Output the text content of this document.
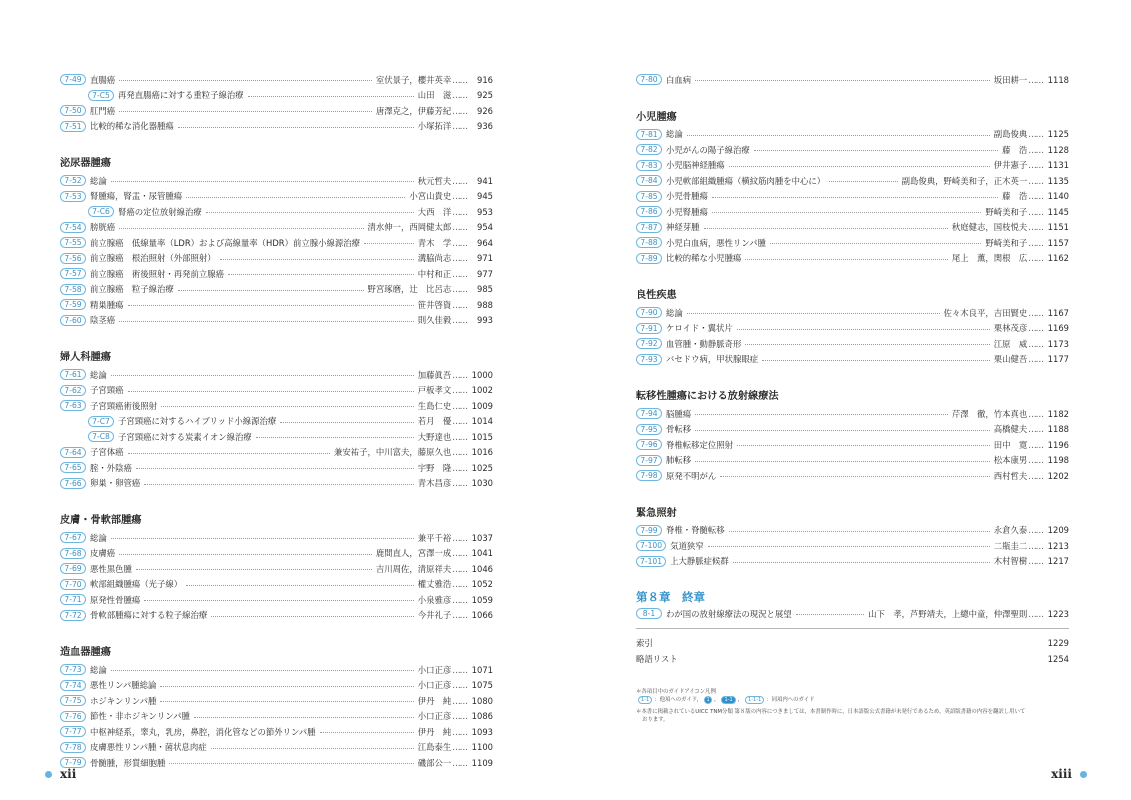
7-49 直腸癌	室伏景子，櫻井英幸 ……	916
7-C5 再発直腸癌に対する重粒子線治療	山田　滋 ……	925
7-50 肛門癌	唐澤克之，伊藤芳紀 ……	926
7-51 比較的稀な消化器腫瘍	小塚拓洋 ……	936
泌尿器腫瘍
7-52 総論	秋元哲夫 ……	941
7-53 腎腫瘍，腎盂・尿管腫瘍	小宮山貴史 ……	945
7-C6 腎癌の定位放射線治療	大西　洋 ……	953
7-54 膀胱癌	清水伸一，西岡健太郎 ……	954
7-55 前立腺癌　低線量率（LDR）および高線量率（HDR）前立腺小線源治療	青木　学 ……	964
7-56 前立腺癌　根治照射（外部照射）	溝脇尚志 ……	971
7-57 前立腺癌　術後照射・再発前立腺癌	中村和正 ……	977
7-58 前立腺癌　粒子線治療	野宮琢磨，辻　比呂志 ……	985
7-59 精巣腫瘍	笹井啓資 ……	988
7-60 陰茎癌	則久佳毅 ……	993
婦人科腫瘍
7-61 総論	加藤眞吾 …… 1000
7-62 子宮頸癌	戸板孝文 …… 1002
7-63 子宮頸癌術後照射	生島仁史 …… 1009
7-C7 子宮頸癌に対するハイブリッド小線源治療	若月　優 …… 1014
7-C8 子宮頸癌に対する炭素イオン線治療	大野達也 …… 1015
7-64 子宮体癌	兼安祐子，中川富夫，藤原久也 …… 1016
7-65 腟・外陰癌	宇野　隆 …… 1025
7-66 卵巣・卵管癌	青木昌彦 …… 1030
皮膚・骨軟部腫瘍
7-67 総論	兼平千裕 …… 1037
7-68 皮膚癌	鹿間直人，宮澤一成 …… 1041
7-69 悪性黒色腫	吉川周佐，清原祥夫 …… 1046
7-70 軟部組織腫瘍（光子線）	權丈雅浩 …… 1052
7-71 原発性骨腫瘍	小泉雅彦 …… 1059
7-72 骨軟部腫瘍に対する粒子線治療	今井礼子 …… 1066
造血器腫瘍
7-73 総論	小口正彦 …… 1071
7-74 悪性リンパ腫総論	小口正彦 …… 1075
7-75 ホジキンリンパ腫	伊丹　純 …… 1080
7-76 節性・非ホジキンリンパ腫	小口正彦 …… 1086
7-77 中枢神経系，睾丸，乳房，鼻腔，消化管などの節外リンパ腫	伊丹　純 …… 1093
7-78 皮膚悪性リンパ腫・菌状息肉症	江島泰生 …… 1100
7-79 骨髄腫，形質細胞腫	磯部公一 …… 1109
7-80 白血病	坂田耕一 …… 1118
小児腫瘍
7-81 総論	副島俊典 …… 1125
7-82 小児がんの陽子線治療	藤　浩 …… 1128
7-83 小児脳神経腫瘍	伊井憲子 …… 1131
7-84 小児軟部組織腫瘍（横紋筋肉腫を中心に）	副島俊典，野崎美和子，正木英一 …… 1135
7-85 小児骨腫瘍	藤　浩 …… 1140
7-86 小児腎腫瘍	野崎美和子 …… 1145
7-87 神経芽腫	秋庭健志，国枝悦夫 …… 1151
7-88 小児白血病，悪性リンパ腫	野崎美和子 …… 1157
7-89 比較的稀な小児腫瘍	尾上　薫，関根　広 …… 1162
良性疾患
7-90 総論	佐々木良平，吉田賢史 …… 1167
7-91 ケロイド・翼状片	栗林茂彦 …… 1169
7-92 血管腫・動静脈奇形	江原　威 …… 1173
7-93 バセドウ病，甲状腺眼症	栗山健吾 …… 1177
転移性腫瘍における放射線療法
7-94 脳腫瘍	芹澤　徹，竹本真也 …… 1182
7-95 骨転移	高橋健夫 …… 1188
7-96 脊椎転移定位照射	田中　寛 …… 1196
7-97 肺転移	松本康男 …… 1198
7-98 原発不明がん	西村哲夫 …… 1202
緊急照射
7-99 脊椎・脊髄転移	永倉久泰 …… 1209
7-100 気道狭窄	二瓶圭二 …… 1213
7-101 上大静脈症候群	木村智樹 …… 1217
第８章　終章
8-1	わが国の放射線療法の現況と展望	山下　孝，芦野靖夫，上總中童，仲澤聖則 …… 1223
索引	1229
略語リスト	1254
＊各項目中のガイドアイコン凡例
1-1 ：他項へのガイド， 1 ，	1-1 ，	1-1-1 ：同項内へのガイド
＊本書に掲載されているUICC TNM分類 第８版の内容につきましては，本書制作時に，日本語版公式書籍が未発行であるため，英語版書籍の内容を翻訳し用いて
おります。
xii	xiii
